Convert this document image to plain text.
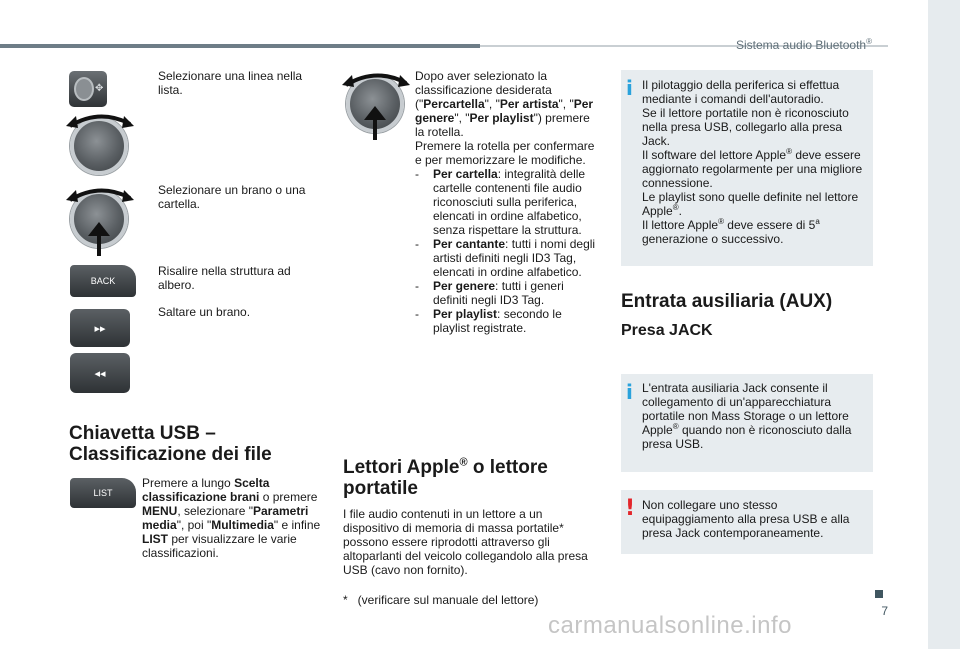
Sistema audio Bluetooth®
✥
Selezionare una linea nella lista.
Selezionare un brano o una cartella.
BACK
Risalire nella struttura ad albero.
▸▸
◂◂
Saltare un brano.
Chiavetta USB –
Classificazione dei file
LIST
Premere a lungo Scelta classificazione brani o premere MENU, selezionare "Parametri media", poi "Multimedia" e infine LIST per visualizzare le varie classificazioni.
Dopo aver selezionato la classificazione desiderata ("Percartella", "Per artista", "Per genere", "Per playlist") premere la rotella.
Premere la rotella per confermare e per memorizzare le modifiche.
- Per cartella: integralità delle cartelle contenenti file audio riconosciuti sulla periferica, elencati in ordine alfabetico, senza rispettare la struttura.
- Per cantante: tutti i nomi degli artisti definiti negli ID3 Tag, elencati in ordine alfabetico.
- Per genere: tutti i generi definiti negli ID3 Tag.
- Per playlist: secondo le playlist registrate.
Lettori Apple® o lettore
portatile
I file audio contenuti in un lettore a un dispositivo di memoria di massa portatile* possono essere riprodotti attraverso gli altoparlanti del veicolo collegandolo alla presa USB (cavo non fornito).
*   (verificare sul manuale del lettore)
i Il pilotaggio della periferica si effettua mediante i comandi dell'autoradio.
Se il lettore portatile non è riconosciuto nella presa USB, collegarlo alla presa Jack.
Il software del lettore Apple® deve essere aggiornato regolarmente per una migliore connessione.
Le playlist sono quelle definite nel lettore Apple®.
Il lettore Apple® deve essere di 5$^a$ generazione o successivo.
Entrata ausiliaria (AUX)
Presa JACK
i L'entrata ausiliaria Jack consente il collegamento di un'apparecchiatura portatile non Mass Storage o un lettore Apple® quando non è riconosciuto dalla presa USB.
! Non collegare uno stesso equipaggiamento alla presa USB e alla presa Jack contemporaneamente.
7
carmanualsonline.info
